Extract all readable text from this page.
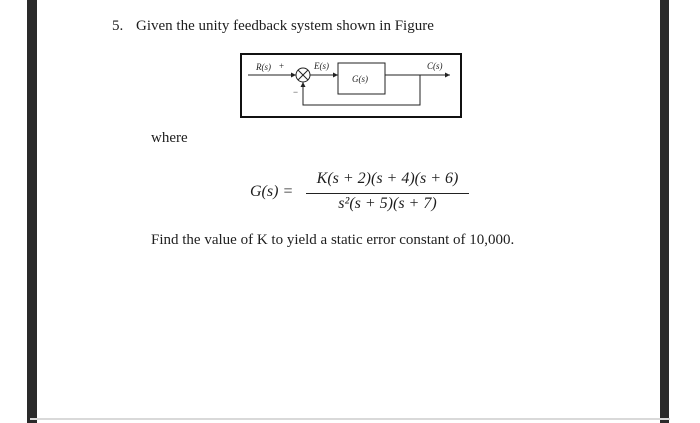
5. Given the unity feedback system shown in Figure
R(s) +
−
E(s)
G(s)
C(s)
where
G(s) =
K(s + 2)(s + 4)(s + 6)
s²(s + 5)(s + 7)
Find the value of K to yield a static error constant of 10,000.
